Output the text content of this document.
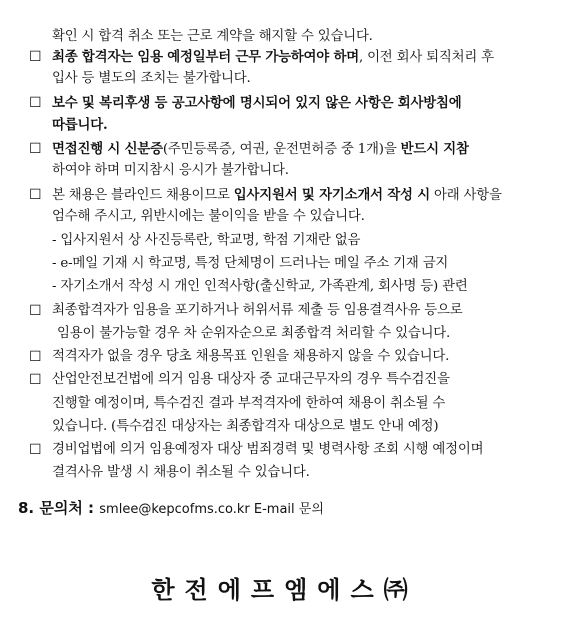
확인 시 합격 취소 또는 근로 계약을 해지할 수 있습니다.
☐ 최종 합격자는 임용 예정일부터 근무 가능하여야 하며, 이전 회사 퇴직처리 후
입사 등 별도의 조치는 불가합니다.
☐ 보수 및 복리후생 등 공고사항에 명시되어 있지 않은 사항은 회사방침에
따릅니다.
☐ 면접진행 시 신분증(주민등록증, 여권, 운전면허증 중 1개)을 반드시 지참
하여야 하며 미지참시 응시가 불가합니다.
☐ 본 채용은 블라인드 채용이므로 입사지원서 및 자기소개서 작성 시 아래 사항을
엄수해 주시고, 위반시에는 불이익을 받을 수 있습니다.
- 입사지원서 상 사진등록란, 학교명, 학점 기재란 없음
- e-메일 기재 시 학교명, 특정 단체명이 드러나는 메일 주소 기재 금지
- 자기소개서 작성 시 개인 인적사항(출신학교, 가족관계, 회사명 등) 관련
☐ 최종합격자가 임용을 포기하거나 허위서류 제출 등 임용결격사유 등으로
임용이 불가능할 경우 차 순위자순으로 최종합격 처리할 수 있습니다.
☐ 적격자가 없을 경우 당초 채용목표 인원을 채용하지 않을 수 있습니다.
☐ 산업안전보건법에 의거 임용 대상자 중 교대근무자의 경우 특수검진을
진행할 예정이며, 특수검진 결과 부적격자에 한하여 채용이 취소될 수
있습니다. (특수검진 대상자는 최종합격자 대상으로 별도 안내 예정)
☐ 경비업법에 의거 임용예정자 대상 범죄경력 및 병력사항 조회 시행 예정이며
결격사유 발생 시 채용이 취소될 수 있습니다.
8. 문의처 : smlee@kepcofms.co.kr E-mail 문의
한전에프엠에스㈜
